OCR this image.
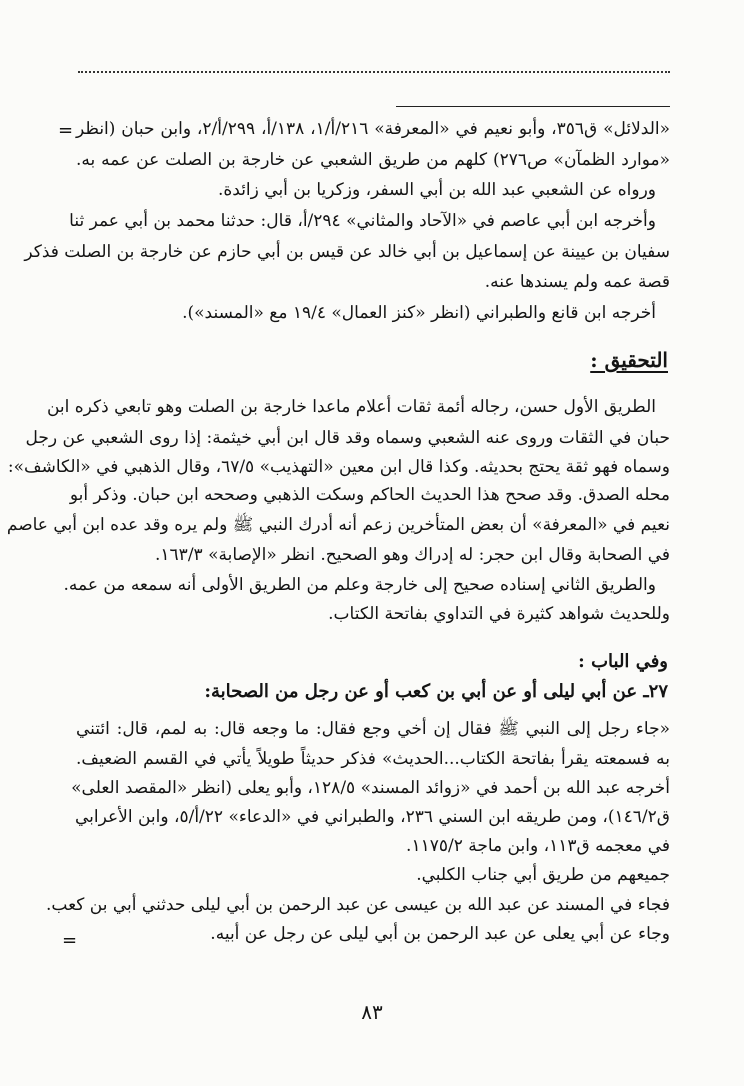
= «الدلائل» ق٣٥٦، وأبو نعيم في «المعرفة» ٢١٦/أ/١، ١٣٨/أ، ٢٩٩/أ/٢، وابن حبان (انظر
«موارد الظمآن» ص٢٧٦) كلهم من طريق الشعبي عن خارجة بن الصلت عن عمه به.
ورواه عن الشعبي عبد الله بن أبي السفر، وزكريا بن أبي زائدة.
وأخرجه ابن أبي عاصم في «الآحاد والمثاني» ٢٩٤/أ، قال: حدثنا محمد بن أبي عمر ثنا
سفيان بن عيينة عن إسماعيل بن أبي خالد عن قيس بن أبي حازم عن خارجة بن الصلت فذكر
قصة عمه ولم يسندها عنه.
أخرجه ابن قانع والطبراني (انظر «كنز العمال» ١٩/٤ مع «المسند»).
التحقيق :
الطريق الأول حسن، رجاله أئمة ثقات أعلام ماعدا خارجة بن الصلت وهو تابعي ذكره ابن
حبان في الثقات وروى عنه الشعبي وسماه وقد قال ابن أبي خيثمة: إذا روى الشعبي عن رجل
وسماه فهو ثقة يحتج بحديثه. وكذا قال ابن معين «التهذيب» ٦٧/٥، وقال الذهبي في «الكاشف»:
محله الصدق. وقد صحح هذا الحديث الحاكم وسكت الذهبي وصححه ابن حبان. وذكر أبو
نعيم في «المعرفة» أن بعض المتأخرين زعم أنه أدرك النبي ﷺ ولم يره وقد عده ابن أبي عاصم
في الصحابة وقال ابن حجر: له إدراك وهو الصحيح. انظر «الإصابة» ١٦٣/٣.
والطريق الثاني إسناده صحيح إلى خارجة وعلم من الطريق الأولى أنه سمعه من عمه.
وللحديث شواهد كثيرة في التداوي بفاتحة الكتاب.
وفي الباب :
٢٧ـ عن أبي ليلى أو عن أبي بن كعب أو عن رجل من الصحابة:
«جاء رجل إلى النبي ﷺ فقال إن أخي وجع فقال: ما وجعه قال: به لمم، قال: ائتني
به فسمعته يقرأ بفاتحة الكتاب...الحديث» فذكر حديثاً طويلاً يأتي في القسم الضعيف.
أخرجه عبد الله بن أحمد في «زوائد المسند» ١٢٨/٥، وأبو يعلى (انظر «المقصد العلى»
ق١٤٦/٢)، ومن طريقه ابن السني ٢٣٦، والطبراني في «الدعاء» ٢٢/أ/٥، وابن الأعرابي
في معجمه ق١١٣، وابن ماجة ١١٧٥/٢.
جميعهم من طريق أبي جناب الكلبي.
فجاء في المسند عن عبد الله بن عيسى عن عبد الرحمن بن أبي ليلى حدثني أبي بن كعب.
وجاء عن أبي يعلى عن عبد الرحمن بن أبي ليلى عن رجل عن أبيه.
=
٨٣
